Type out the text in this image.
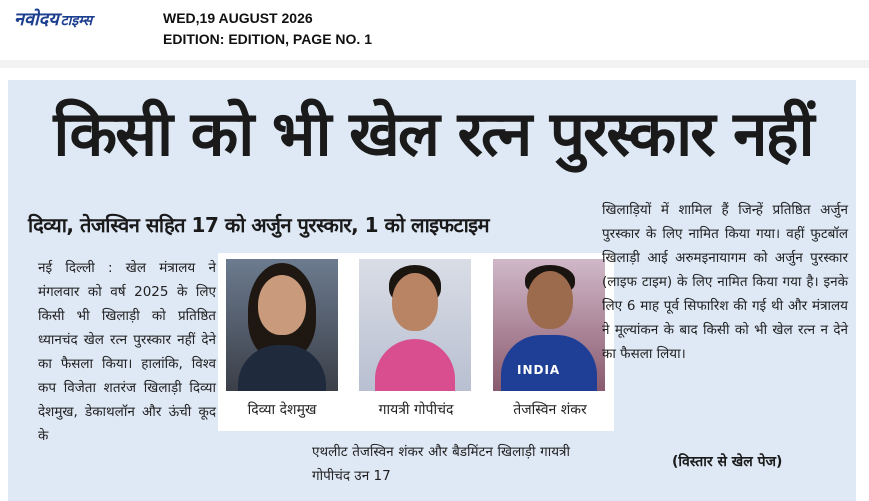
नवोदय टाइम्स	WED,19 AUGUST 2026
EDITION: EDITION, PAGE NO. 1
किसी को भी खेल रत्न पुरस्कार नहीं
दिव्या, तेजस्विन सहित 17 को अर्जुन पुरस्कार, 1 को लाइफटाइम
नई दिल्ली : खेल मंत्रालय ने मंगलवार को वर्ष 2025 के लिए किसी भी खिलाड़ी को प्रतिष्ठित ध्यानचंद खेल रत्न पुरस्कार नहीं देने का फैसला किया। हालांकि, विश्व कप विजेता शतरंज खिलाड़ी दिव्या देशमुख, डेकाथलॉन और ऊंची कूद के
INDIA
दिव्या देशमुख	गायत्री गोपीचंद	तेजस्विन शंकर
एथलीट तेजस्विन शंकर और बैडमिंटन खिलाड़ी गायत्री गोपीचंद उन 17
खिलाड़ियों में शामिल हैं जिन्हें प्रतिष्ठित अर्जुन पुरस्कार के लिए नामित किया गया। वहीं फुटबॉल खिलाड़ी आई अरुमइनायागम को अर्जुन पुरस्कार (लाइफ टाइम) के लिए नामित किया गया है। इनके लिए 6 माह पूर्व सिफारिश की गई थी और मंत्रालय ने मूल्यांकन के बाद किसी को भी खेल रत्न न देने का फैसला लिया।
(विस्तार से खेल पेज)
